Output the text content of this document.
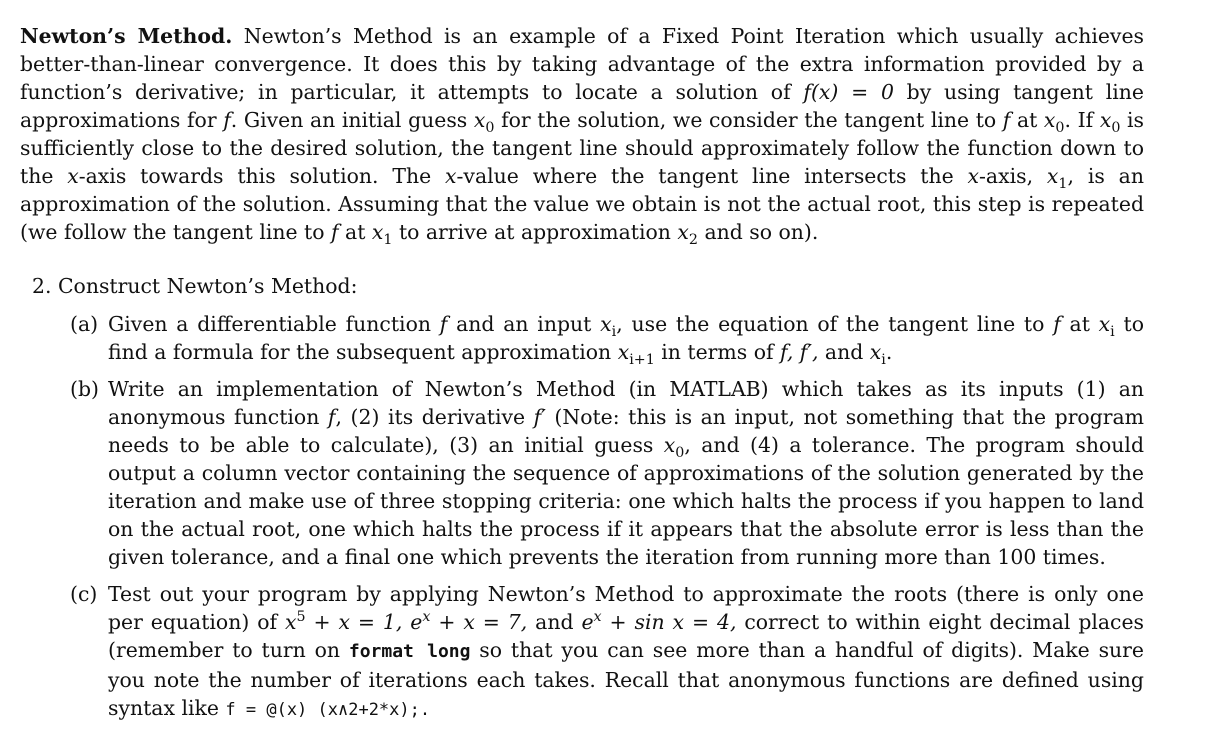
Newton’s Method. Newton’s Method is an example of a Fixed Point Iteration which usually achieves better-than-linear convergence. It does this by taking advantage of the extra information provided by a function’s derivative; in particular, it attempts to locate a solution of f(x) = 0 by using tangent line approximations for f. Given an initial guess $x_0$ for the solution, we consider the tangent line to f at $x_0$. If $x_0$ is sufficiently close to the desired solution, the tangent line should approximately follow the function down to the x-axis towards this solution. The x-value where the tangent line intersects the x-axis, $x_1$, is an approximation of the solution. Assuming that the value we obtain is not the actual root, this step is repeated (we follow the tangent line to f at $x_1$ to arrive at approximation $x_2$ and so on).

2. Construct Newton’s Method:
(a) Given a differentiable function f and an input $x_i$, use the equation of the tangent line to f at $x_i$ to find a formula for the subsequent approximation $x_{i+1}$ in terms of f, f′, and $x_i$.
(b) Write an implementation of Newton’s Method (in MATLAB) which takes as its inputs (1) an anonymous function f, (2) its derivative f′ (Note: this is an input, not something that the program needs to be able to calculate), (3) an initial guess $x_0$, and (4) a tolerance. The program should output a column vector containing the sequence of approximations of the solution generated by the iteration and make use of three stopping criteria: one which halts the process if you happen to land on the actual root, one which halts the process if it appears that the absolute error is less than the given tolerance, and a final one which prevents the iteration from running more than 100 times.
(c) Test out your program by applying Newton’s Method to approximate the roots (there is only one per equation) of $x^5 + x = 1$, $e^x + x = 7$, and $e^x + \sin x = 4$, correct to within eight decimal places (remember to turn on format long so that you can see more than a handful of digits). Make sure you note the number of iterations each takes. Recall that anonymous functions are defined using syntax like f = @(x) (x∧2+2*x);.
